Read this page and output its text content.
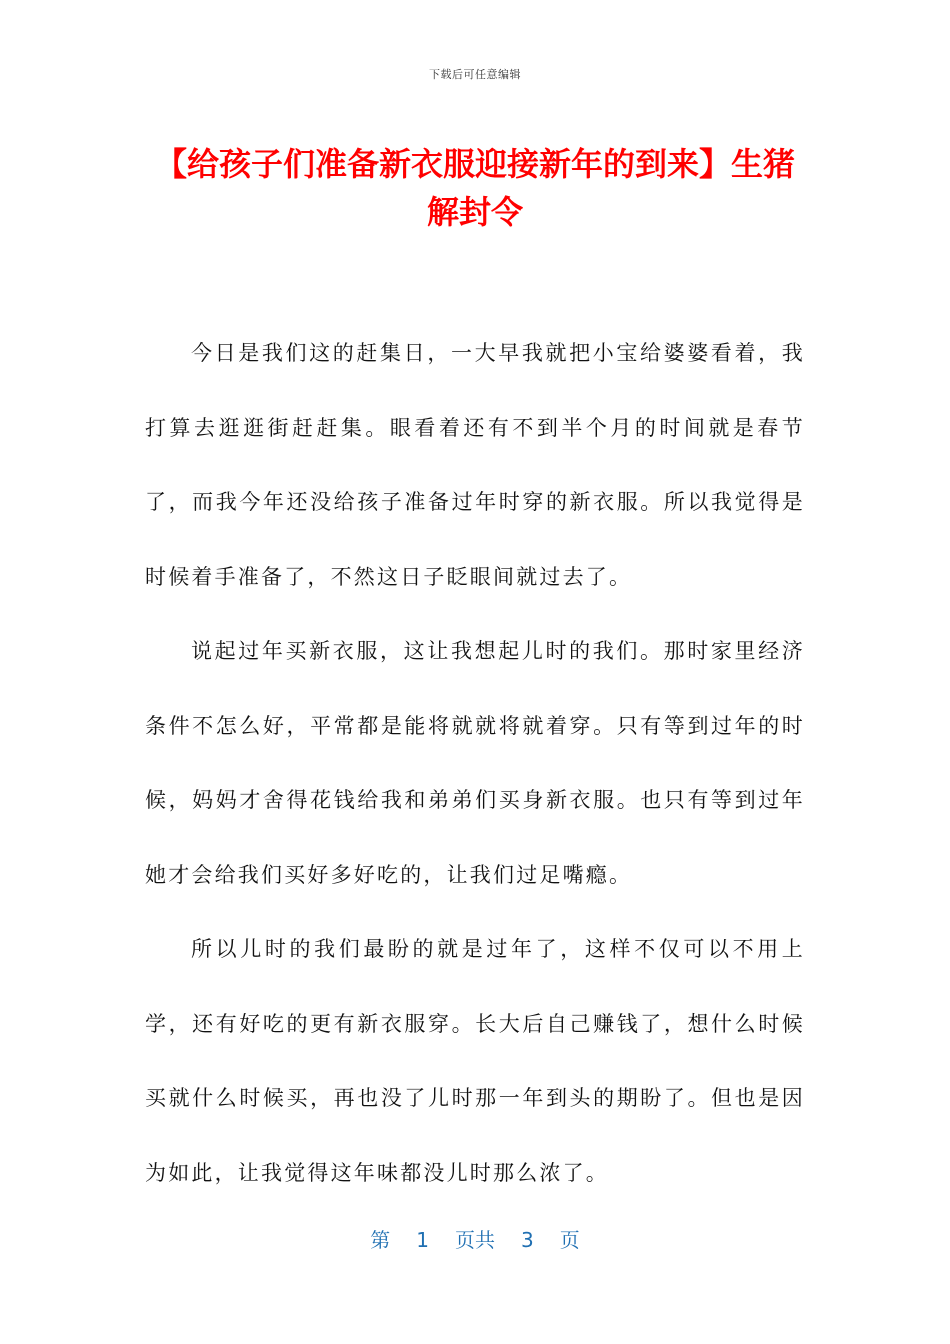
下载后可任意编辑
【给孩子们准备新衣服迎接新年的到来】生猪解封令

今日是我们这的赶集日，一大早我就把小宝给婆婆看着，我打算去逛逛街赶赶集。眼看着还有不到半个月的时间就是春节了，而我今年还没给孩子准备过年时穿的新衣服。所以我觉得是时候着手准备了，不然这日子眨眼间就过去了。

说起过年买新衣服，这让我想起儿时的我们。那时家里经济条件不怎么好，平常都是能将就就将就着穿。只有等到过年的时候，妈妈才舍得花钱给我和弟弟们买身新衣服。也只有等到过年她才会给我们买好多好吃的，让我们过足嘴瘾。

所以儿时的我们最盼的就是过年了，这样不仅可以不用上学，还有好吃的更有新衣服穿。长大后自己赚钱了，想什么时候买就什么时候买，再也没了儿时那一年到头的期盼了。但也是因为如此，让我觉得这年味都没儿时那么浓了。

第 1 页共 3 页
